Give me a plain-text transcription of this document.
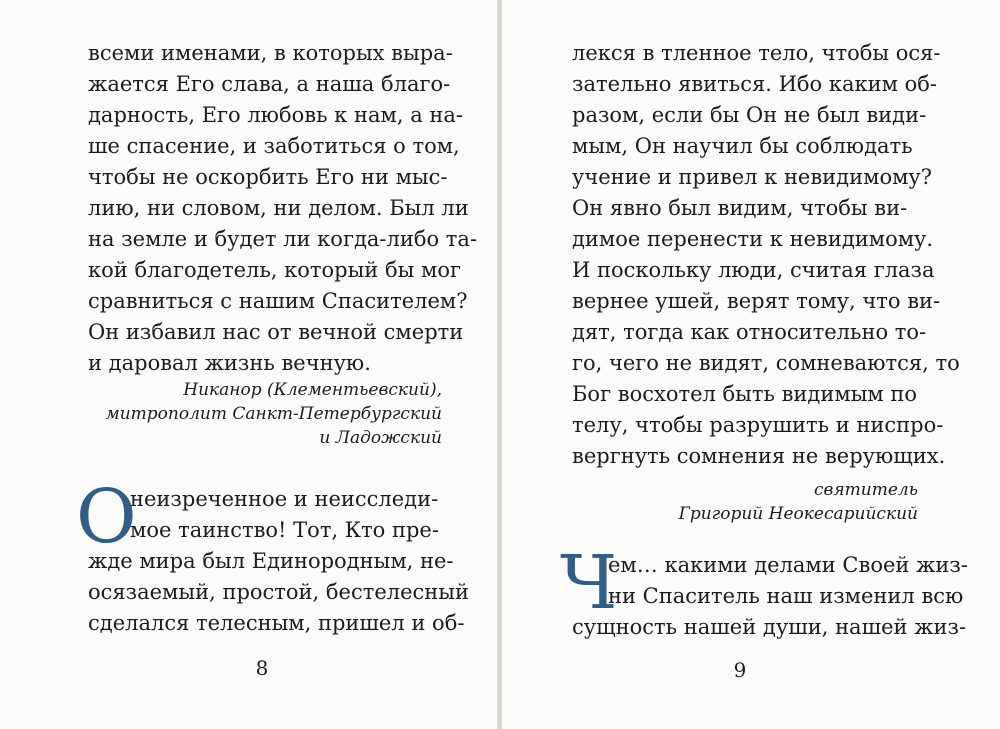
всеми именами, в которых выра-
жается Его слава, а наша благо-
дарность, Его любовь к нам, а на-
ше спасение, и заботиться о том,
чтобы не оскорбить Его ни мыс-
лию, ни словом, ни делом. Был ли
на земле и будет ли когда-либо та-
кой благодетель, который бы мог
сравниться с нашим Спасителем?
Он избавил нас от вечной смерти
и даровал жизнь вечную.
Никанор (Клементьевский),
митрополит Санкт-Петербургский
и Ладожский
О
неизреченное и неисследи-
мое таинство! Тот, Кто пре-
жде мира был Единородным, не-
осязаемый, простой, бестелесный
сделался телесным, пришел и об-
8
лекся в тленное тело, чтобы ося-
зательно явиться. Ибо каким об-
разом, если бы Он не был види-
мым, Он научил бы соблюдать
учение и привел к невидимому?
Он явно был видим, чтобы ви-
димое перенести к невидимому.
И поскольку люди, считая глаза
вернее ушей, верят тому, что ви-
дят, тогда как относительно то-
го, чего не видят, сомневаются, то
Бог восхотел быть видимым по
телу, чтобы разрушить и ниспро-
вергнуть сомнения не верующих.
святитель
Григорий Неокесарийский
Ч
ем… какими делами Своей жиз-
ни Спаситель наш изменил всю
сущность нашей души, нашей жиз-
9
